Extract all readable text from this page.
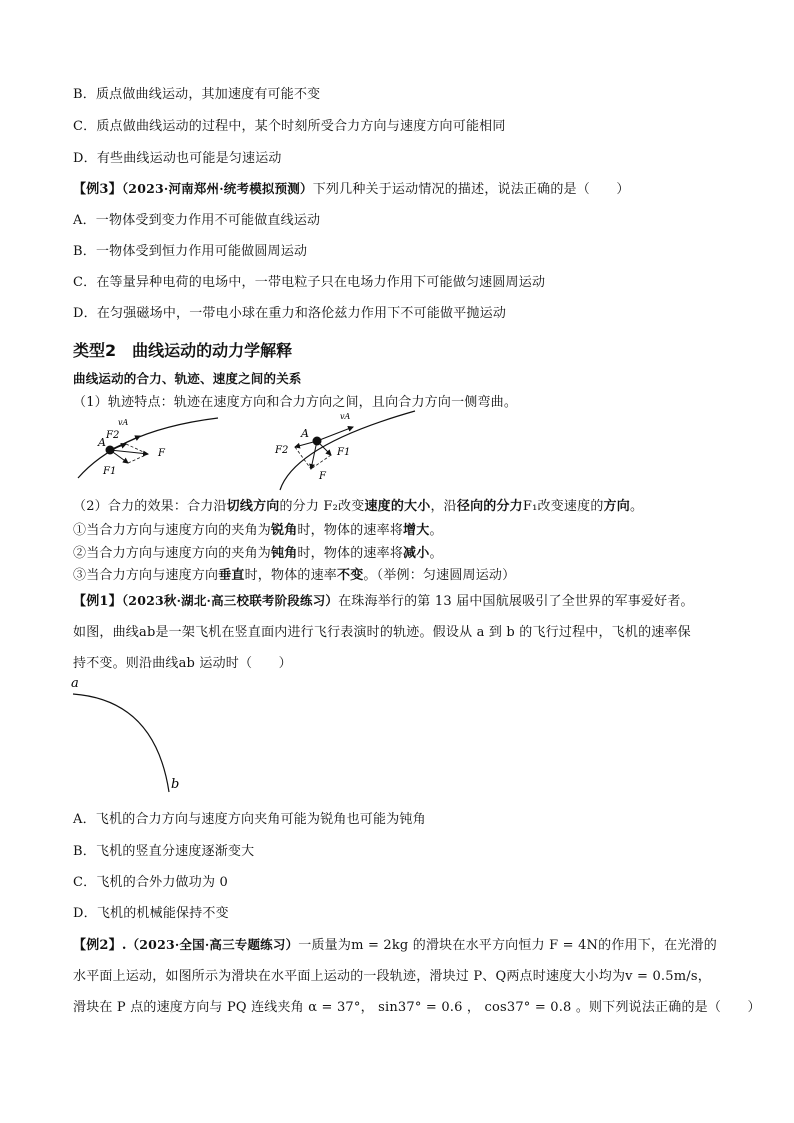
B．质点做曲线运动，其加速度有可能不变
C．质点做曲线运动的过程中，某个时刻所受合力方向与速度方向可能相同
D．有些曲线运动也可能是匀速运动
【例3】（2023·河南郑州·统考模拟预测）下列几种关于运动情况的描述，说法正确的是（　　）
A．一物体受到变力作用不可能做直线运动
B．一物体受到恒力作用可能做圆周运动
C．在等量异种电荷的电场中，一带电粒子只在电场力作用下可能做匀速圆周运动
D．在匀强磁场中，一带电小球在重力和洛伦兹力作用下不可能做平抛运动
类型2　曲线运动的动力学解释
曲线运动的合力、轨迹、速度之间的关系
（1）轨迹特点：轨迹在速度方向和合力方向之间，且向合力方向一侧弯曲。
vA
A
F2
F
F1
vA
A
F2	F1
F
（2）合力的效果：合力沿切线方向的分力 F₂改变速度的大小，沿径向的分力F₁改变速度的方向。
①当合力方向与速度方向的夹角为锐角时，物体的速率将增大。
②当合力方向与速度方向的夹角为钝角时，物体的速率将减小。
③当合力方向与速度方向垂直时，物体的速率不变。（举例：匀速圆周运动）
【例1】（2023秋·湖北·高三校联考阶段练习）在珠海举行的第 13 届中国航展吸引了全世界的军事爱好者。
如图，曲线ab是一架飞机在竖直面内进行飞行表演时的轨迹。假设从 a 到 b 的飞行过程中，飞机的速率保
持不变。则沿曲线ab 运动时（　　）
a
b
A．飞机的合力方向与速度方向夹角可能为锐角也可能为钝角
B．飞机的竖直分速度逐渐变大
C．飞机的合外力做功为 0
D．飞机的机械能保持不变
【例2】.（2023·全国·高三专题练习）一质量为m = 2kg 的滑块在水平方向恒力 F = 4N的作用下，在光滑的
水平面上运动，如图所示为滑块在水平面上运动的一段轨迹，滑块过 P、Q两点时速度大小均为v = 0.5m/s，
滑块在 P 点的速度方向与 PQ 连线夹角 α = 37°， sin37° = 0.6 ， cos37° = 0.8 。则下列说法正确的是（　　）
